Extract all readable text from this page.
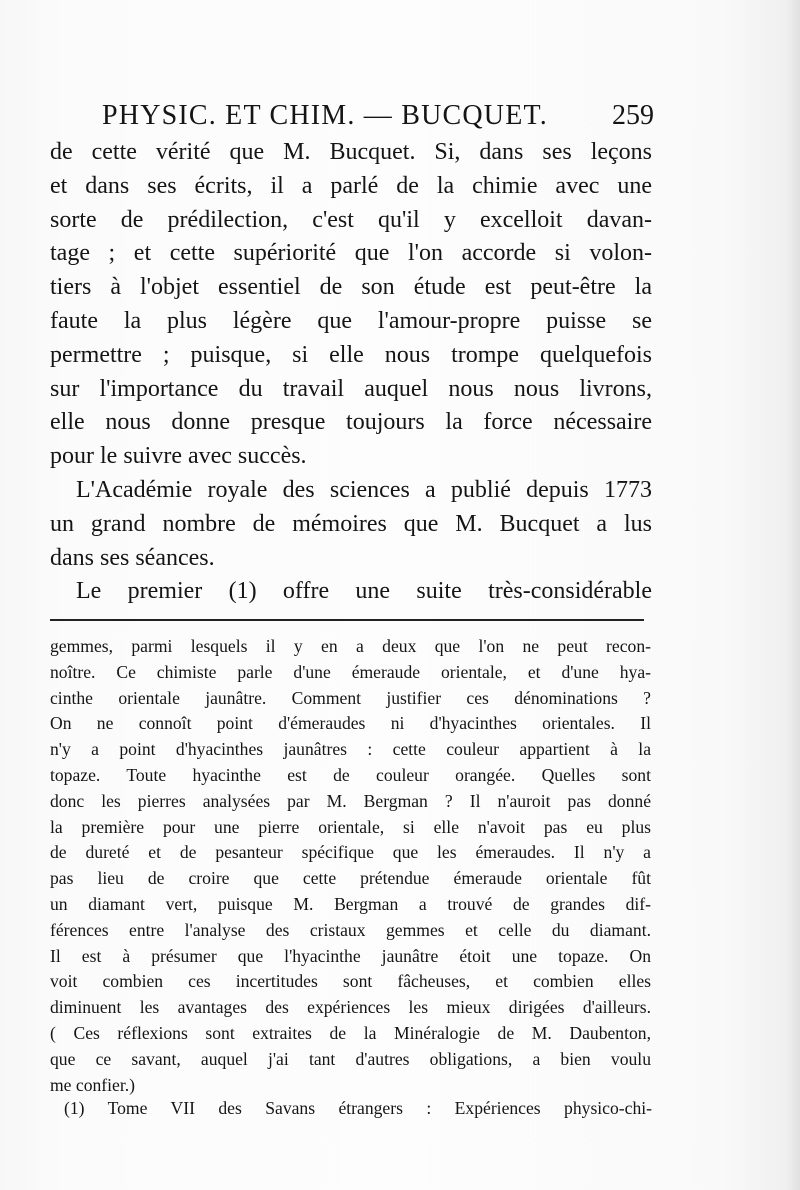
PHYSIC. ET CHIM. — BUCQUET. 259
de cette vérité que M. Bucquet. Si, dans ses leçons
et dans ses écrits, il a parlé de la chimie avec une
sorte de prédilection, c'est qu'il y excelloit davan-
tage ; et cette supériorité que l'on accorde si volon-
tiers à l'objet essentiel de son étude est peut-être la
faute la plus légère que l'amour-propre puisse se
permettre ; puisque, si elle nous trompe quelquefois
sur l'importance du travail auquel nous nous livrons,
elle nous donne presque toujours la force nécessaire
pour le suivre avec succès.
L'Académie royale des sciences a publié depuis 1773
un grand nombre de mémoires que M. Bucquet a lus
dans ses séances.
Le premier (1) offre une suite très-considérable
gemmes, parmi lesquels il y en a deux que l'on ne peut recon-
noître. Ce chimiste parle d'une émeraude orientale, et d'une hya-
cinthe orientale jaunâtre. Comment justifier ces dénominations ?
On ne connoît point d'émeraudes ni d'hyacinthes orientales. Il
n'y a point d'hyacinthes jaunâtres : cette couleur appartient à la
topaze. Toute hyacinthe est de couleur orangée. Quelles sont
donc les pierres analysées par M. Bergman ? Il n'auroit pas donné
la première pour une pierre orientale, si elle n'avoit pas eu plus
de dureté et de pesanteur spécifique que les émeraudes. Il n'y a
pas lieu de croire que cette prétendue émeraude orientale fût
un diamant vert, puisque M. Bergman a trouvé de grandes dif-
férences entre l'analyse des cristaux gemmes et celle du diamant.
Il est à présumer que l'hyacinthe jaunâtre étoit une topaze. On
voit combien ces incertitudes sont fâcheuses, et combien elles
diminuent les avantages des expériences les mieux dirigées d'ailleurs.
( Ces réflexions sont extraites de la Minéralogie de M. Daubenton,
que ce savant, auquel j'ai tant d'autres obligations, a bien voulu
me confier.)
(1) Tome VII des Savans étrangers : Expériences physico-chi-
